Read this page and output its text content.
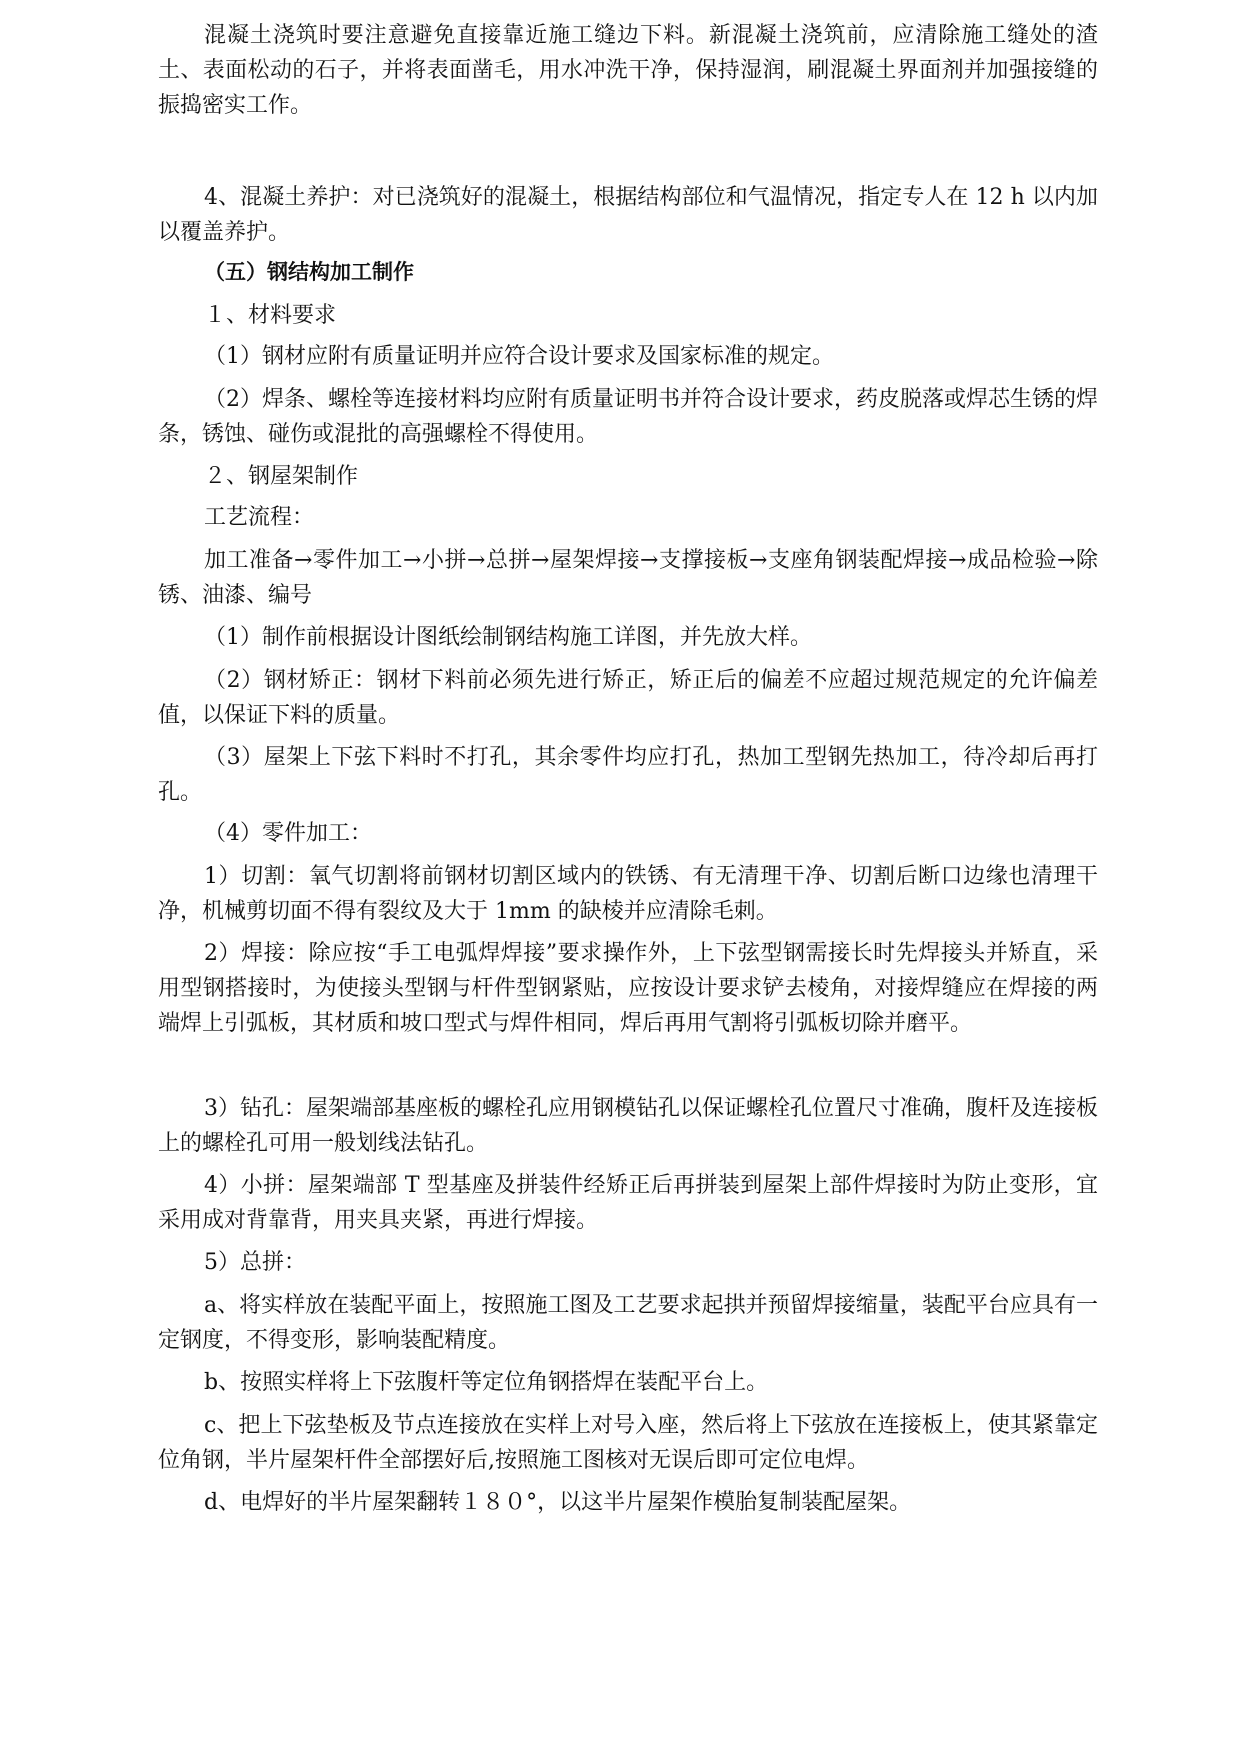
混凝土浇筑时要注意避免直接靠近施工缝边下料。新混凝土浇筑前，应清除施工缝处的渣土、表面松动的石子，并将表面凿毛，用水冲洗干净，保持湿润，刷混凝土界面剂并加强接缝的振捣密实工作。

4、混凝土养护：对已浇筑好的混凝土，根据结构部位和气温情况，指定专人在 12 h 以内加以覆盖养护。

（五）钢结构加工制作

１、材料要求

（1）钢材应附有质量证明并应符合设计要求及国家标准的规定。

（2）焊条、螺栓等连接材料均应附有质量证明书并符合设计要求，药皮脱落或焊芯生锈的焊条，锈蚀、碰伤或混批的高强螺栓不得使用。

２、钢屋架制作

工艺流程：

加工准备→零件加工→小拼→总拼→屋架焊接→支撑接板→支座角钢装配焊接→成品检验→除锈、油漆、编号

（1）制作前根据设计图纸绘制钢结构施工详图，并先放大样。

（2）钢材矫正：钢材下料前必须先进行矫正，矫正后的偏差不应超过规范规定的允许偏差值，以保证下料的质量。

（3）屋架上下弦下料时不打孔，其余零件均应打孔，热加工型钢先热加工，待冷却后再打孔。

（4）零件加工：

1）切割：氧气切割将前钢材切割区域内的铁锈、有无清理干净、切割后断口边缘也清理干净，机械剪切面不得有裂纹及大于 1mm 的缺棱并应清除毛刺。

2）焊接：除应按“手工电弧焊焊接”要求操作外，上下弦型钢需接长时先焊接头并矫直，采用型钢搭接时，为使接头型钢与杆件型钢紧贴，应按设计要求铲去棱角，对接焊缝应在焊接的两端焊上引弧板，其材质和坡口型式与焊件相同，焊后再用气割将引弧板切除并磨平。

3）钻孔：屋架端部基座板的螺栓孔应用钢模钻孔以保证螺栓孔位置尺寸准确，腹杆及连接板上的螺栓孔可用一般划线法钻孔。

4）小拼：屋架端部 T 型基座及拼装件经矫正后再拼装到屋架上部件焊接时为防止变形，宜采用成对背靠背，用夹具夹紧，再进行焊接。

5）总拼：

a、将实样放在装配平面上，按照施工图及工艺要求起拱并预留焊接缩量，装配平台应具有一定钢度，不得变形，影响装配精度。

b、按照实样将上下弦腹杆等定位角钢搭焊在装配平台上。

c、把上下弦垫板及节点连接放在实样上对号入座，然后将上下弦放在连接板上，使其紧靠定位角钢，半片屋架杆件全部摆好后,按照施工图核对无误后即可定位电焊。

d、电焊好的半片屋架翻转１８０°，以这半片屋架作模胎复制装配屋架。
